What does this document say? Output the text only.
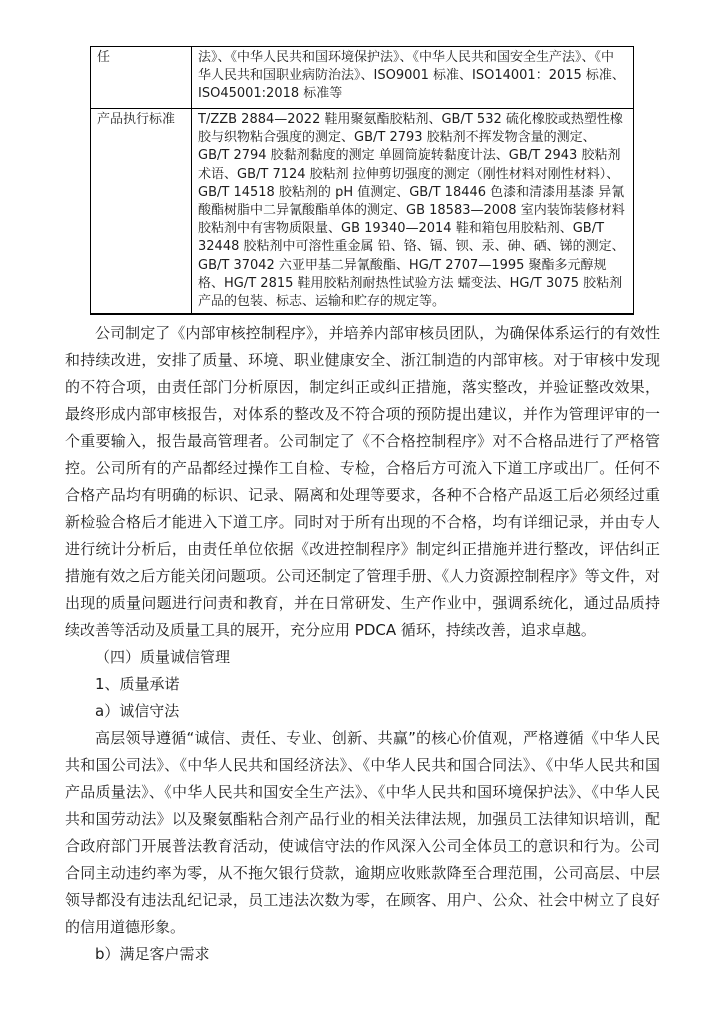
任	法》、《中华人民共和国环境保护法》、《中华人民共和国安全生产法》、《中华人民共和国职业病防治法》、ISO9001 标准、ISO14001：2015 标准、ISO45001:2018 标准等
产品执行标准	T/ZZB 2884—2022 鞋用聚氨酯胶粘剂、GB/T 532 硫化橡胶或热塑性橡胶与织物粘合强度的测定、GB/T 2793 胶粘剂不挥发物含量的测定、GB/T 2794 胶黏剂黏度的测定 单圆筒旋转黏度计法、GB/T 2943 胶粘剂术语、GB/T 7124 胶粘剂 拉伸剪切强度的测定（刚性材料对刚性材料）、GB/T 14518 胶粘剂的 pH 值测定、GB/T 18446 色漆和清漆用基漆 异氰酸酯树脂中二异氰酸酯单体的测定、GB 18583—2008 室内装饰装修材料 胶粘剂中有害物质限量、GB 19340—2014 鞋和箱包用胶粘剂、GB/T 32448 胶粘剂中可溶性重金属 铅、铬、镉、钡、汞、砷、硒、锑的测定、GB/T 37042 六亚甲基二异氰酸酯、HG/T 2707—1995 聚酯多元醇规格、HG/T 2815 鞋用胶粘剂耐热性试验方法 蠕变法、HG/T 3075 胶粘剂产品的包装、标志、运输和贮存的规定等。

公司制定了《内部审核控制程序》，并培养内部审核员团队，为确保体系运行的有效性和持续改进，安排了质量、环境、职业健康安全、浙江制造的内部审核。对于审核中发现的不符合项，由责任部门分析原因，制定纠正或纠正措施，落实整改，并验证整改效果，最终形成内部审核报告，对体系的整改及不符合项的预防提出建议，并作为管理评审的一个重要输入，报告最高管理者。公司制定了《不合格控制程序》对不合格品进行了严格管控。公司所有的产品都经过操作工自检、专检，合格后方可流入下道工序或出厂。任何不合格产品均有明确的标识、记录、隔离和处理等要求，各种不合格产品返工后必须经过重新检验合格后才能进入下道工序。同时对于所有出现的不合格，均有详细记录，并由专人进行统计分析后，由责任单位依据《改进控制程序》制定纠正措施并进行整改，评估纠正措施有效之后方能关闭问题项。公司还制定了管理手册、《人力资源控制程序》等文件，对出现的质量问题进行问责和教育，并在日常研发、生产作业中，强调系统化，通过品质持续改善等活动及质量工具的展开，充分应用 PDCA 循环，持续改善，追求卓越。

（四）质量诚信管理

1、质量承诺

a）诚信守法

高层领导遵循“诚信、责任、专业、创新、共赢”的核心价值观，严格遵循《中华人民共和国公司法》、《中华人民共和国经济法》、《中华人民共和国合同法》、《中华人民共和国产品质量法》、《中华人民共和国安全生产法》、《中华人民共和国环境保护法》、《中华人民共和国劳动法》以及聚氨酯粘合剂产品行业的相关法律法规，加强员工法律知识培训，配合政府部门开展普法教育活动，使诚信守法的作风深入公司全体员工的意识和行为。公司合同主动违约率为零，从不拖欠银行贷款，逾期应收账款降至合理范围，公司高层、中层领导都没有违法乱纪记录，员工违法次数为零，在顾客、用户、公众、社会中树立了良好的信用道德形象。

b）满足客户需求
